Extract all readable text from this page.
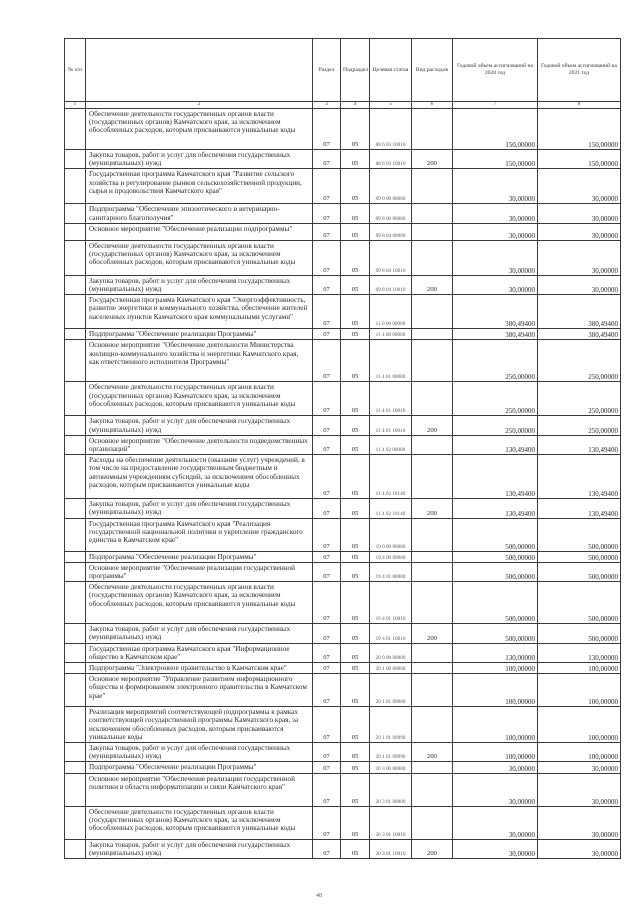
№ п/п		Раздел	Подраздел	Целевая статья	Вид расходов	Годовой объем ассигнований на 2020 год	Годовой объем ассигнований на 2021 год
1	2	3	4	5	6	7	8
	Обеспечение деятельности государственных органов власти (государственных органов) Камчатского края, за исключением обособленных расходов, которым присваиваются уникальные коды	07	05	08 6 03 10010		150,00000	150,00000
	Закупка товаров, работ и услуг для обеспечения государственных (муниципальных) нужд	07	05	08 6 03 10010	200	150,00000	150,00000
	Государственная программа Камчатского края "Развитие сельского хозяйства и регулирование рынков сельскохозяйственной продукции, сырья и продовольствия Камчатского края"	07	05	09 0 00 00000		30,00000	30,00000
	Подпрограмма "Обеспечение эпизоотического и ветеринарно-санитарного благополучия"	07	05	09 8 00 00000		30,00000	30,00000
	Основное мероприятие "Обеспечение реализации подпрограммы"	07	05	09 8 04 00000		30,00000	30,00000
	Обеспечение деятельности государственных органов власти (государственных органов) Камчатского края, за исключением обособленных расходов, которым присваиваются уникальные коды	07	05	09 8 04 10010		30,00000	30,00000
	Закупка товаров, работ и услуг для обеспечения государственных (муниципальных) нужд	07	05	09 8 04 10010	200	30,00000	30,00000
	Государственная программа Камчатского края "Энергоэффективность, развитие энергетики и коммунального хозяйства, обеспечение жителей населенных пунктов Камчатского края коммунальными услугами"	07	05	11 0 00 00000		380,49400	380,49400
	Подпрограмма "Обеспечение реализации Программы"	07	05	11 4 00 00000		380,49400	380,49400
	Основное мероприятие "Обеспечение деятельности Министерства жилищно-коммунального хозяйства и энергетики Камчатского края, как ответственного исполнителя Программы"	07	05	11 4 01 00000		250,00000	250,00000
	Обеспечение деятельности государственных органов власти (государственных органов) Камчатского края, за исключением обособленных расходов, которым присваиваются уникальные коды	07	05	11 4 01 10010		250,00000	250,00000
	Закупка товаров, работ и услуг для обеспечения государственных (муниципальных) нужд	07	05	11 4 01 10010	200	250,00000	250,00000
	Основное мероприятие "Обеспечение деятельности подведомственных организаций"	07	05	11 4 02 00000		130,49400	130,49400
	Расходы на обеспечение деятельности (оказание услуг) учреждений, в том числе на предоставление государственным бюджетным и автономным учреждениям субсидий, за исключением обособленных расходов, которым присваиваются уникальные коды	07	05	11 4 02 10140		130,49400	130,49400
	Закупка товаров, работ и услуг для обеспечения государственных (муниципальных) нужд	07	05	11 4 02 10140	200	130,49400	130,49400
	Государственная программа Камчатского края "Реализация государственной национальной политики и укрепление гражданского единства в Камчатском крае"	07	05	19 0 00 00000		500,00000	500,00000
	Подпрограмма "Обеспечение реализации Программы"	07	05	19 4 00 00000		500,00000	500,00000
	Основное мероприятие "Обеспечение реализации государственной программы"	07	05	19 4 01 00000		500,00000	500,00000
	Обеспечение деятельности государственных органов власти (государственных органов) Камчатского края, за исключением обособленных расходов, которым присваиваются уникальные коды	07	05	19 4 01 10010		500,00000	500,00000
	Закупка товаров, работ и услуг для обеспечения государственных (муниципальных) нужд	07	05	19 4 01 10010	200	500,00000	500,00000
	Государственная программа Камчатского края "Информационное общество в Камчатском крае"	07	05	20 0 00 00000		130,00000	130,00000
	Подпрограмма "Электронное правительство в Камчатском крае"	07	05	20 1 00 00000		100,00000	100,00000
	Основное мероприятие "Управление развитием информационного общества и формированием электронного правительства в Камчатском крае"	07	05	20 1 01 00000		100,00000	100,00000
	Реализация мероприятий соответствующей подпрограммы в рамках соответствующей государственной программы Камчатского края, за исключением обособленных расходов, которым присваиваются уникальные коды	07	05	20 1 01 09990		100,00000	100,00000
	Закупка товаров, работ и услуг для обеспечения государственных (муниципальных) нужд	07	05	20 1 01 09990	200	100,00000	100,00000
	Подпрограмма "Обеспечение реализации Программы"	07	05	20 3 00 00000		30,00000	30,00000
	Основное мероприятие "Обеспечение реализации государственной политики в области информатизации и связи Камчатского края"	07	05	20 3 01 00000		30,00000	30,00000
	Обеспечение деятельности государственных органов власти (государственных органов) Камчатского края, за исключением обособленных расходов, которым присваиваются уникальные коды	07	05	20 3 01 10010		30,00000	30,00000
	Закупка товаров, работ и услуг для обеспечения государственных (муниципальных) нужд	07	05	20 3 01 10010	200	30,00000	30,00000
48
